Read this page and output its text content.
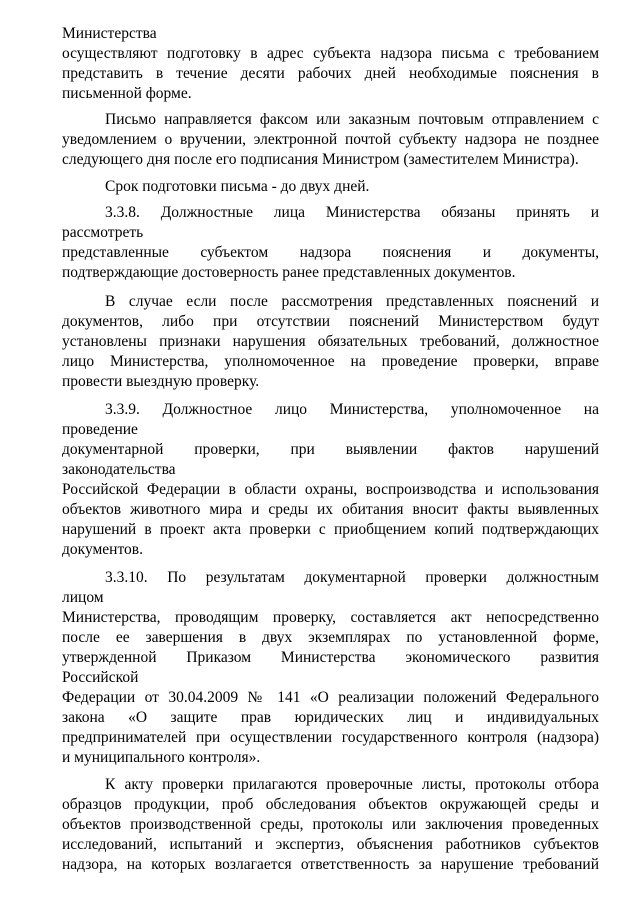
Министерства
осуществляют подготовку в адрес субъекта надзора письма с требованием
представить в течение десяти рабочих дней необходимые пояснения в
письменной форме.
Письмо направляется факсом или заказным почтовым отправлением с
уведомлением о вручении, электронной почтой субъекту надзора не позднее
следующего дня после его подписания Министром (заместителем Министра).
Срок подготовки письма - до двух дней.
3.3.8. Должностные лица Министерства обязаны принять и
рассмотреть
представленные субъектом надзора пояснения и документы,
подтверждающие достоверность ранее представленных документов.
В случае если после рассмотрения представленных пояснений и
документов, либо при отсутствии пояснений Министерством будут
установлены признаки нарушения обязательных требований, должностное
лицо Министерства, уполномоченное на проведение проверки, вправе
провести выездную проверку.
3.3.9. Должностное лицо Министерства, уполномоченное на
проведение
документарной проверки, при выявлении фактов нарушений
законодательства
Российской Федерации в области охраны, воспроизводства и использования
объектов животного мира и среды их обитания вносит факты выявленных
нарушений в проект акта проверки с приобщением копий подтверждающих
документов.
3.3.10. По результатам документарной проверки должностным
лицом
Министерства, проводящим проверку, составляется акт непосредственно
после ее завершения в двух экземплярах по установленной форме,
утвержденной Приказом Министерства экономического развития
Российской
Федерации от 30.04.2009 № 141 «О реализации положений Федерального
закона «О защите прав юридических лиц и индивидуальных
предпринимателей при осуществлении государственного контроля (надзора)
и муниципального контроля».
К акту проверки прилагаются проверочные листы, протоколы отбора
образцов продукции, проб обследования объектов окружающей среды и
объектов производственной среды, протоколы или заключения проведенных
исследований, испытаний и экспертиз, объяснения работников субъектов
надзора, на которых возлагается ответственность за нарушение требований
